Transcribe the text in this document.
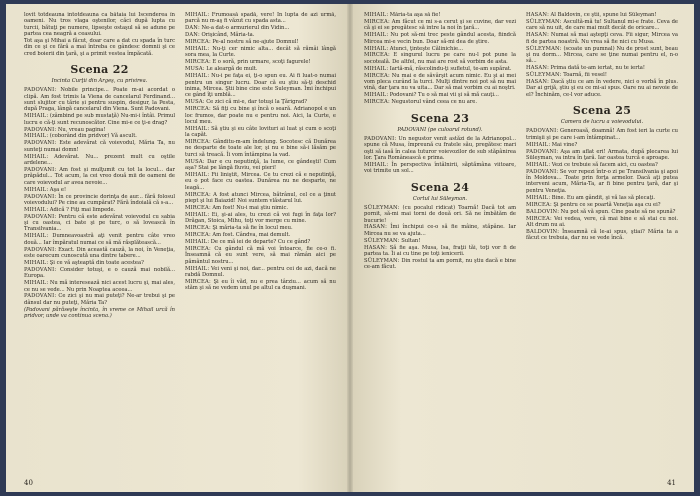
lovit totdeauna întotdeauna ca bătaia lui Iscenderea în oameni. Nu tros vlaga oştenilor, căci după lupta cu turcii, bătuţi pe numere, lipseşte ostaşul să se adune pe partea cea neagră a ceasului.

Tot aşa şi Mihai a făcut, doar care a dat cu spada în turc din ce şi ce fără a mai întreba ce gândesc domnii şi ce cred boierii din ţară, şi a primit vestea împăcată.

Scena 22
Incinta Curţii din Argeş, cu privirea.

PADOVANI: Nobile principe... Poate m-ai acordat o clipă. Am fost trimis la Viena de cancelarul Ferdinand... sunt slujitor cu tărie și pentru suspin, desigur, la Pesta, după Praga, lângă cancelarul din Viena. Sunt Padovani.

MIHAIL: (zâmbind pe sub mustaţă) Nu-mi-i întâi. Primul lucru e că-ţi sunt recunoscător. Cine mi-e ce ţi-e drag?

PADOVANI: Nu, vreau pagina!

MIHAIL: (coborând din pridvor) Vă ascult.

PADOVANI: Este adevărat că voievodul, Măria Ta, nu sunteţi numai domn!

MIHAIL: Adevărat. Nu... prezent mult cu oştile ardelene...

PADOVANI: Am fost și mulţumit cu tot la locul... dar prăpădul... Tot acum, la cei vreo două mii de oameni de care voievodul ar avea nevoie...

MIHAIL: Aşa e!

PADOVANI: În ce provincie dorinţa de aur... fără folosul voievodului? Pe cine au cumpărat? Fără îndoială că s-a...

MIHAIL: Adică ? Fiţi mai limpede.

PADOVANI: Pentru că este adevărat voievodul cu sabia şi cu oastea, ci bate şi pe turc, o să lovească în Transilvania...

MIHAIL: Dumneavoastră aţi venit pentru câte vreo două... Iar împăratul numai ce să mă răsplătească...

PADOVANI: Exact. Din această cauză, la noi, în Veneţia, este oarecum cunoscută una dintre tabere...

MIHAIL: Şi ce vă aşteaptă din toate acestea?

PADOVANI: Consider totuşi, e o cauză mai nobilă... Europa.

MIHAIL: Nu mă interesează nici acest lucru şi, mai ales, ce nu se vede... Nu prin Noaptea aceea...

PADOVANI: Ce zici şi nu mai puteţi? Ne-ar trebui şi pe dânsul dar nu puteţi, Măria Ta?

(Padovani părăseşte încinta, în vreme ce Mihail urcă în pridvor, unde va continua scena.)

MIHAIL: Frumoasă spadă, vere! În lupta de azi urmă, parcă nu m-aş fi văzut cu spada asta...

DAN: Ne-a dat-o armurierul din Vidin...

DAN: Orişicând, Măria-ta.

MIRCEA: Pe-al nostru să ne-ajute Domnul!

MIHAIL: Nu-ţi cer nimic alta... decât să rămâi lângă sora mea, la Curte.

MIRCEA: E o soră, prin urmare, scoţi fagurele!

MUSA: Le aleargă de mult.

MIHAIL: Nu-i pe faţa ei, ţi-o spun eu. Ai fi luat-o numai pentru un singur lucru. Doar că eu ştiu să-ţi deschid inima, Mircea. Ştii bine cine este Suleyman. Îmi închipui ce gând îţi umblă...

MUSA: Ce zici că mi-e, dar totuşi la Ţărigrad?

MIRCEA: Să fiţi cu bine şi încă o seară. Adrianopol e un loc frumos, dar poate nu e pentru noi. Aici, la Curte, e locul meu.

MIHAIL: Să ştiu şi eu câte lovituri ai luat şi cum o scoţi la capăt.

MIRCEA: Gânditu-m-am îndelung. Socotesc că Dunărea ne desparte de toate ale lor, şi nu e bine să-i lăsăm pe turci să treacă. Îi vom întâmpina la vad.

MUSA: Dar e cu neputinţă, la lume, ce gândeşti! Cum aşa? Stai pe lângă fluviu, vei pieri!

MIHAIL: Fii liniştit, Mircea. Ce tu crezi că e neputinţă, eu o pot face cu oastea. Dunărea nu ne desparte, ne leagă...

MIRCEA: A fost atunci Mircea, bătrânul, cel ce a ţinut piept şi lui Baiazid! Noi suntem vlăstarul lui.

MIRCEA: Am fost! Nu-i mai ştiu nimic.

MIHAIL: Ei, şi-ai ales, tu crezi că voi fugi în faţa lor? Drăgan, Stoica, Mihu, toţi vor merge cu mine.

MIRCEA: Şi măria-ta să fie în locul meu.

MIRCEA: Am fost. Cândva, mai demult.

MIHAIL: De ce mă iei de departe? Cu ce gând?

MIRCEA: Cu gândul că mă voi întoarce, fie ce-o fi. Înseamnă că eu sunt vere, să mai rămân aici pe pământul nostru...

MIHAIL: Vei veni şi noi, dar... pentru cei de azi, dacă ne rabdă Domnul.

MIRCEA: Şi eu îi văd, nu e prea târziu... acum să nu stăm şi să ne vedem unul pe altul ca duşmani.

40

MIHAIL: Măria-ta aşa să fie!

MIRCEA: Am făcut ce mi s-a cerut şi se cuvine, dar vezi că şi ei se pregătesc să intre la noi în ţară...

MIHAIL: Nu pot să-mi trec peste gândul acesta, fiindcă Mircea mi-e vecin bun. Doar să-mi dea de ştire.

MIHAIL: Atunci, ţinteşte Călinichie...

MIRCEA: E singurul lucru pe care nu-l pot pune la socoteală. De altfel, nu mai are rost să vorbim de asta.

MIHAIL: Iartă-mă, răscolindu-ţi sufletul, te-am supărat.

MIRCEA: Nu mai e de săvârşit acum nimic. Eu şi ai mei vom pleca curând la turci. Mulţi dintre noi pot să nu mai vină, dar ţara nu va uita... Dar să mai vorbim cu ai noştri.

MIHAIL: Podovani? Tu o să mai vii şi să mă cauţi...

MIRCEA: Negustorul vând ceea ce nu are.

Scena 23
PADOVANI (pe culoarul rotund).

PADOVANI: Un negustor venit astăzi de la Adrianopol... spune că Musa, împreună cu fratele său, pregătesc mari oşti să iasă în calea tuturor voievozilor de sub stăpânirea lor. Ţara Românească e prima.

MIHAIL: În perspectiva întâlnirii, săptămâna viitoare, voi trimite un sol...

Scena 24
Cortul lui Süleyman.

SÜLEYMAN: (cu pocalul ridicat) Toarnă! Dacă tot am pornit, să-mi mai torni de două ori. Să ne îmbătăm de bucurie!

HASAN: Îmi închipui ce-o să fie mâine, stăpâne. Iar Mircea nu se va ajuta...

SÜLEYMAN: Sultan!

HASAN: Să fie aşa. Musa, Isa, fraţii tăi, toţi vor fi de partea ta. Îi ai cu tine pe toţi ienicerii.

SÜLEYMAN: Din rostul ta am pornit, nu ştiu dacă e bine ce-am făcut.

HASAN: Al Baldovin, ce ştii, spune lui Süleyman!

SÜLEYMAN: Ascultă-mă tu! Sultanul mi-e frate. Ceva de care să nu uit, de care mai mult decât de oricare...

HASAN: Numai să mai aştepţi ceva. Fii sigur, Mircea va fi de partea noastră. Nu vrea să fie nici cu Musa.

SÜLEYMAN: (scoate un pumnal) Nu de prost sunt, beau şi nu dorm... Mircea, care se ţine numai pentru el, n-o să...

HASAN: Prima dată te-am iertat, nu te ierta!

SÜLEYMAN: Toarnă, fii vesel!

HASAN: Dacă ştiu ce am în vedere, nici o vorbă în plus. Dar ai grijă, ştiu şi eu ce mi-ai spus. Oare nu ai nevoie de el? Închinăm, ce-l vor aduce.

Scena 25
Camera de lucru a voievodului.

PADOVANI: Generoasă, doamnă! Am fost ieri la curte cu trimişii şi pe care i-am întâmpinat...

MIHAIL: Mai vine?

PADOVANI: Aşa am aflat eri! Armata, după plecarea lui Süleyman, va intra în ţară. Iar oastea turcă e aproape.

MIHAIL: Vezi ce trebuie să facem aici, cu oastea?

PADOVANI: Se vor repezi într-o zi pe Transilvania şi apoi în Moldova... Toate prin forţa armelor. Dacă aţi putea interveni acum, Măria-Ta, ar fi bine pentru ţară, dar şi pentru Veneţia.

MIHAIL: Bine. Eu am gândit, şi vă las să plecaţi.

MIRCEA: Şi pentru ce se poartă Veneţia aşa cu ei?

BALDOVIN: Nu pot să vă spun. Cine poate să ne spună?

MIRCEA: Vei vedea, vere, că mai bine e să stai cu noi. Alt drum nu ai.

BALDOVIN: Înseamnă că le-ai spus, ştiai? Măria ta a făcut ce trebuia, dar nu se vede încă.

41
